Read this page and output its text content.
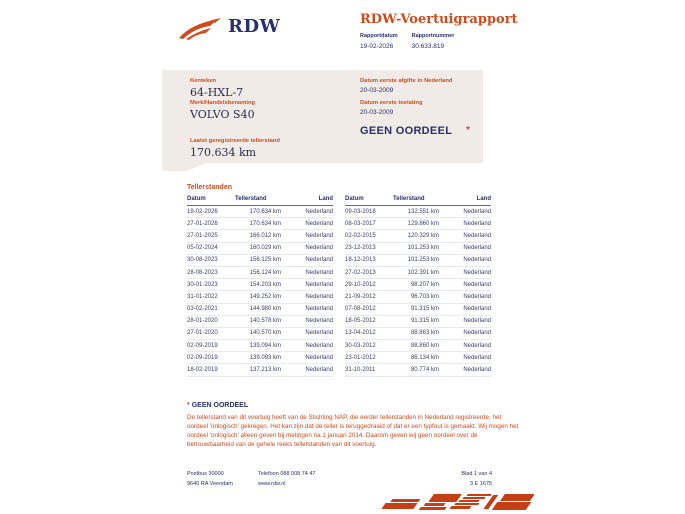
RDW	RDW-Voertuigrapport
Rapportdatum
19-02-2026
Rapportnummer
30.633.819
Kenteken
64-HXL-7
Merk/Handelsbenaming
VOLVO S40
Laatst geregistreerde tellerstand
170.634 km
Datum eerste afgifte in Nederland
20-03-2009
Datum eerste toelating
20-03-2009
GEEN OORDEEL *
Tellerstanden
Datum	Tellerstand	Land
19-02-2026	170.634 km	Nederland
27-01-2026	170.634 km	Nederland
27-01-2025	166.012 km	Nederland
05-02-2024	160.029 km	Nederland
30-08-2023	156.125 km	Nederland
28-08-2023	156.124 km	Nederland
30-01-2023	154.203 km	Nederland
31-01-2022	149.252 km	Nederland
03-02-2021	144.980 km	Nederland
28-01-2020	140.578 km	Nederland
27-01-2020	140.570 km	Nederland
02-09-2019	139.094 km	Nederland
02-09-2019	139.093 km	Nederland
18-02-2019	137.213 km	Nederland
Datum	Tellerstand	Land
09-03-2018	132.551 km	Nederland
08-03-2017	129.860 km	Nederland
02-02-2015	120.329 km	Nederland
23-12-2013	101.253 km	Nederland
18-12-2013	101.253 km	Nederland
27-02-2013	102.391 km	Nederland
29-10-2012	98.207 km	Nederland
21-09-2012	96.703 km	Nederland
07-08-2012	91.315 km	Nederland
18-05-2012	91.315 km	Nederland
13-04-2012	88.863 km	Nederland
30-03-2012	88.860 km	Nederland
23-01-2012	86.134 km	Nederland
31-10-2011	80.774 km	Nederland
* GEEN OORDEEL
De tellerstand van dit voertuig heeft van de Stichting NAP, die eerder tellerstanden in Nederland registreerde, het oordeel 'onlogisch' gekregen. Het kan zijn dat de teller is teruggedraaid of dat er een typfout is gemaakt. Wij mogen het oordeel 'onlogisch' alleen geven bij metingen na 1 januari 2014. Daarom geven wij geen oordeel over de betrouwbaarheid van de gehele reeks tellerstanden van dit voertuig.
Postbus 30000
9640 RA Veendam
Telefoon 088 008 74 47
www.rdw.nl
Blad 1 van 4
3 E 1675
